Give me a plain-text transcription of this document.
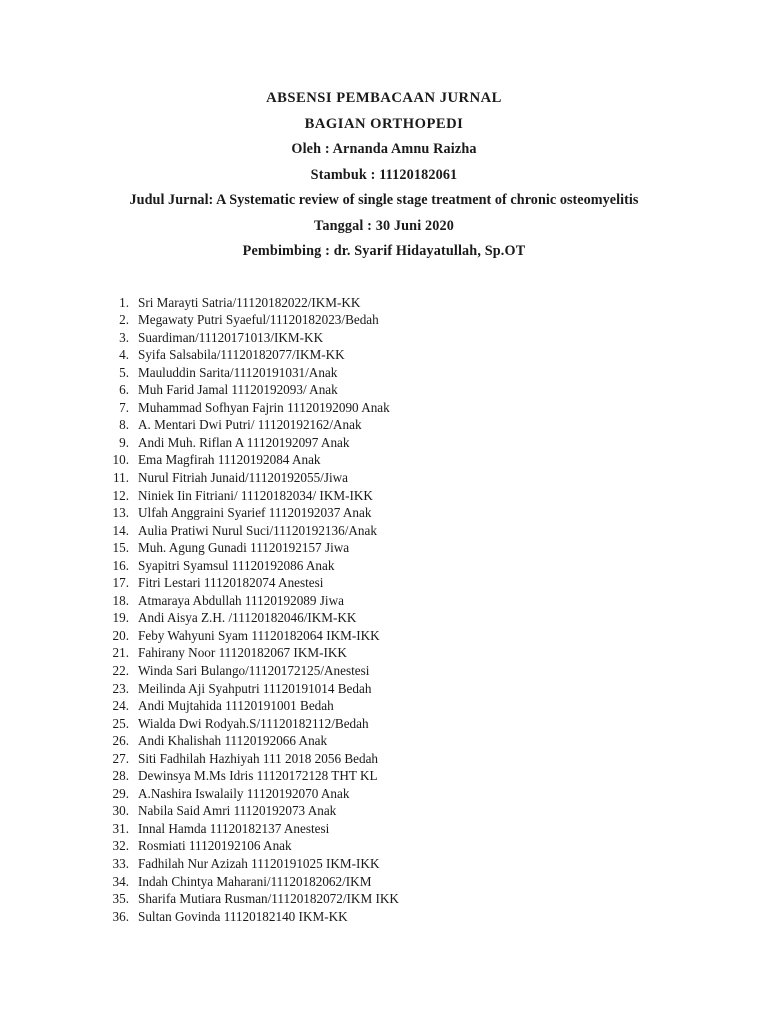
ABSENSI PEMBACAAN JURNAL
BAGIAN ORTHOPEDI
Oleh : Arnanda Amnu Raizha
Stambuk : 11120182061
Judul Jurnal: A Systematic review of single stage treatment of chronic osteomyelitis
Tanggal : 30 Juni 2020
Pembimbing : dr. Syarif Hidayatullah, Sp.OT
1. Sri Marayti Satria/11120182022/IKM-KK
2. Megawaty Putri Syaeful/11120182023/Bedah
3. Suardiman/11120171013/IKM-KK
4. Syifa Salsabila/11120182077/IKM-KK
5. Mauluddin Sarita/11120191031/Anak
6. Muh Farid Jamal 11120192093/ Anak
7. Muhammad Sofhyan Fajrin 11120192090 Anak
8. A. Mentari Dwi Putri/ 11120192162/Anak
9. Andi Muh. Riflan A 11120192097 Anak
10. Ema Magfirah 11120192084 Anak
11. Nurul Fitriah Junaid/11120192055/Jiwa
12. Niniek Iin Fitriani/ 11120182034/ IKM-IKK
13. Ulfah Anggraini Syarief 11120192037 Anak
14. Aulia Pratiwi Nurul Suci/11120192136/Anak
15. Muh. Agung Gunadi 11120192157 Jiwa
16. Syapitri Syamsul 11120192086 Anak
17. Fitri Lestari 11120182074 Anestesi
18. Atmaraya Abdullah 11120192089 Jiwa
19. Andi Aisya Z.H. /11120182046/IKM-KK
20. Feby Wahyuni Syam 11120182064 IKM-IKK
21. Fahirany Noor 11120182067 IKM-IKK
22. Winda Sari Bulango/11120172125/Anestesi
23. Meilinda Aji Syahputri 11120191014 Bedah
24. Andi Mujtahida 11120191001 Bedah
25. Wialda Dwi Rodyah.S/11120182112/Bedah
26. Andi Khalishah 11120192066 Anak
27. Siti Fadhilah Hazhiyah 111 2018 2056 Bedah
28. Dewinsya M.Ms Idris 11120172128 THT KL
29. A.Nashira Iswalaily 11120192070 Anak
30. Nabila Said Amri 11120192073 Anak
31. Innal Hamda 11120182137 Anestesi
32. Rosmiati 11120192106 Anak
33. Fadhilah Nur Azizah 11120191025 IKM-IKK
34. Indah Chintya Maharani/11120182062/IKM
35. Sharifa Mutiara Rusman/11120182072/IKM IKK
36. Sultan Govinda 11120182140 IKM-KK
